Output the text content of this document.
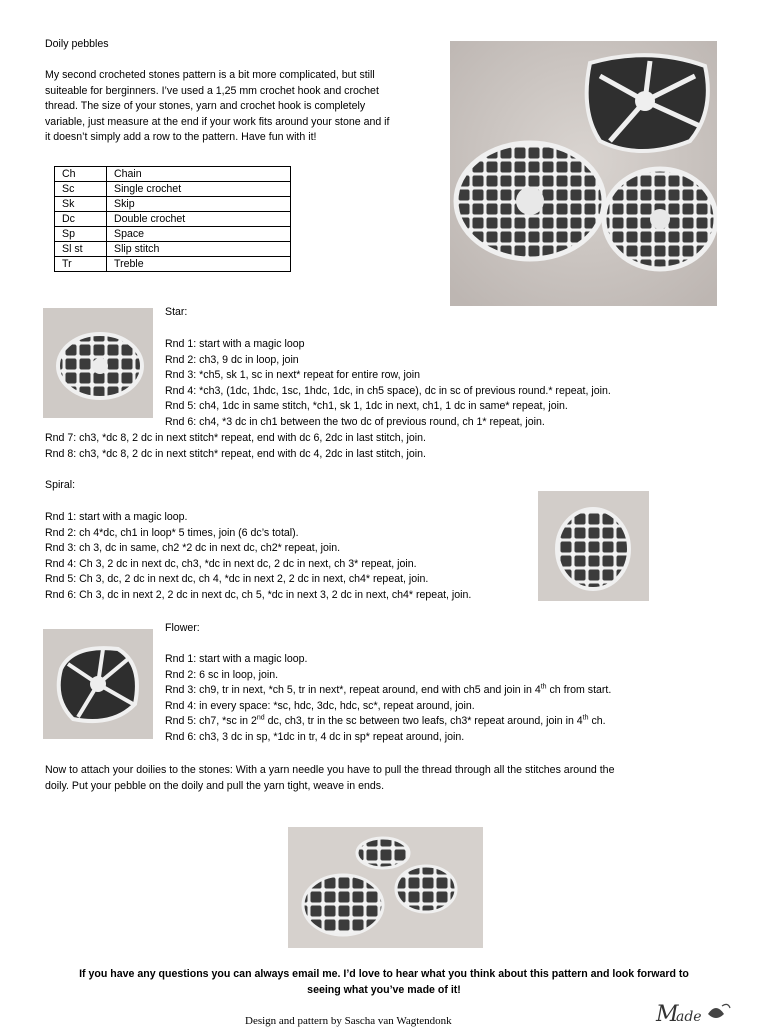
Doily pebbles
My second crocheted stones pattern is a bit more complicated, but still
suiteable for berginners. I’ve used a 1,25 mm crochet hook and crochet
thread. The size of your stones, yarn and crochet hook is completely
variable, just measure at the end if your work fits around your stone and if
it doesn’t simply add a row to the pattern. Have fun with it!
Ch	Chain
Sc	Single crochet
Sk	Skip
Dc	Double crochet
Sp	Space
Sl st	Slip stitch
Tr	Treble
Star:
Rnd 1: start with a magic loop
Rnd 2: ch3, 9 dc in loop, join
Rnd 3: *ch5, sk 1, sc in next* repeat for entire row, join
Rnd 4: *ch3, (1dc, 1hdc, 1sc, 1hdc, 1dc, in ch5 space), dc in sc of previous round.* repeat, join.
Rnd 5: ch4, 1dc in same stitch, *ch1, sk 1, 1dc in next, ch1, 1 dc in same* repeat, join.
Rnd 6: ch4, *3 dc in ch1 between the two dc of previous round, ch 1* repeat, join.
Rnd 7: ch3, *dc 8, 2 dc in next stitch* repeat, end with dc 6, 2dc in last stitch, join.
Rnd 8: ch3, *dc 8, 2 dc in next stitch* repeat, end with dc 4, 2dc in last stitch, join.
Spiral:
Rnd 1: start with a magic loop.
Rnd 2: ch 4*dc, ch1 in loop* 5 times, join (6 dc’s total).
Rnd 3: ch 3, dc in same, ch2 *2 dc in next dc, ch2* repeat, join.
Rnd 4: Ch 3, 2 dc in next dc, ch3, *dc in next dc, 2 dc in next, ch 3* repeat, join.
Rnd 5: Ch 3, dc, 2 dc in next dc, ch 4, *dc in next 2, 2 dc in next, ch4* repeat, join.
Rnd 6: Ch 3, dc in next 2, 2 dc in next dc, ch 5, *dc in next 3, 2 dc in next, ch4* repeat, join.
Flower:
Rnd 1: start with a magic loop.
Rnd 2: 6 sc in loop, join.
Rnd 3: ch9, tr in next, *ch 5, tr in next*, repeat around, end with ch5 and join in 4th ch from start.
Rnd 4: in every space: *sc, hdc, 3dc, hdc, sc*, repeat around, join.
Rnd 5: ch7, *sc in 2nd dc, ch3, tr in the sc between two leafs, ch3* repeat around, join in 4th ch.
Rnd 6: ch3, 3 dc in sp, *1dc in tr, 4 dc in sp* repeat around, join.
Now to attach your doilies to the stones: With a yarn needle you have to pull the thread through all the stitches around the
doily. Put your pebble on the doily and pull the yarn tight, weave in ends.
If you have any questions you can always email me. I’d love to hear what you think about this pattern and look forward to
seeing what you’ve made of it!
Design and pattern by Sascha van Wagtendonk	M
ade
